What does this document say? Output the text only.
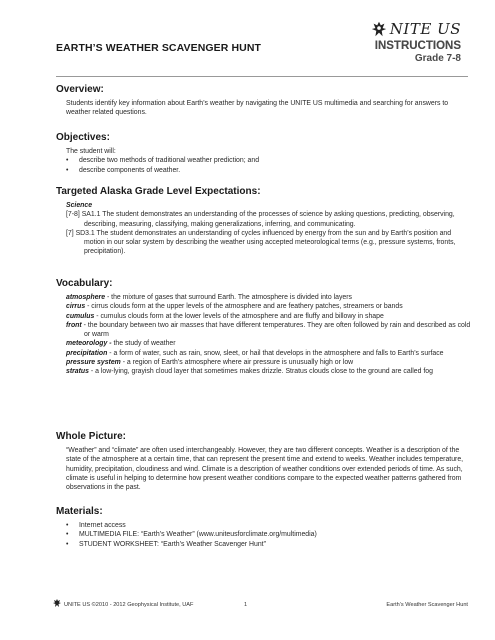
EARTH’S WEATHER SCAVENGER HUNT
NITE US
INSTRUCTIONS
Grade 7-8
Overview:

Students identify key information about Earth’s weather by navigating the UNITE US multimedia and searching for answers to weather related questions.

Objectives:

The student will:

• describe two methods of traditional weather prediction; and
• describe components of weather.
Targeted Alaska Grade Level Expectations:
Science

[7-8] SA1.1 The student demonstrates an understanding of the processes of science by asking questions, predicting, observing, describing, measuring, classifying, making generalizations, inferring, and communicating.

[7] SD3.1 The student demonstrates an understanding of cycles influenced by energy from the sun and by Earth’s position and motion in our solar system by describing the weather using accepted meteorological terms (e.g., pressure systems, fronts, precipitation).

Vocabulary:

atmosphere - the mixture of gases that surround Earth. The atmosphere is divided into layers

cirrus - cirrus clouds form at the upper levels of the atmosphere and are feathery patches, streamers or bands

cumulus - cumulus clouds form at the lower levels of the atmosphere and are fluffy and billowy in shape

front - the boundary between two air masses that have different temperatures. They are often followed by rain and described as cold or warm

meteorology - the study of weather

precipitation - a form of water, such as rain, snow, sleet, or hail that develops in the atmosphere and falls to Earth’s surface

pressure system - a region of Earth’s atmosphere where air pressure is unusually high or low

stratus - a low-lying, grayish cloud layer that sometimes makes drizzle. Stratus clouds close to the ground are called fog

Whole Picture:

“Weather” and “climate” are often used interchangeably. However, they are two different concepts. Weather is a description of the state of the atmosphere at a certain time, that can represent the present time and extend to weeks. Weather includes temperature, humidity, precipitation, cloudiness and wind. Climate is a description of weather conditions over extended periods of time. As such, climate is useful in helping to determine how present weather conditions compare to the expected weather patterns gathered from observations in the past.

Materials:
• Internet access
• MULTIMEDIA FILE: “Earth’s Weather” (www.uniteusforclimate.org/multimedia)
• STUDENT WORKSHEET: “Earth’s Weather Scavenger Hunt”
UNITE US ©2010 - 2012 Geophysical Institute, UAF	1	Earth’s Weather Scavenger Hunt
